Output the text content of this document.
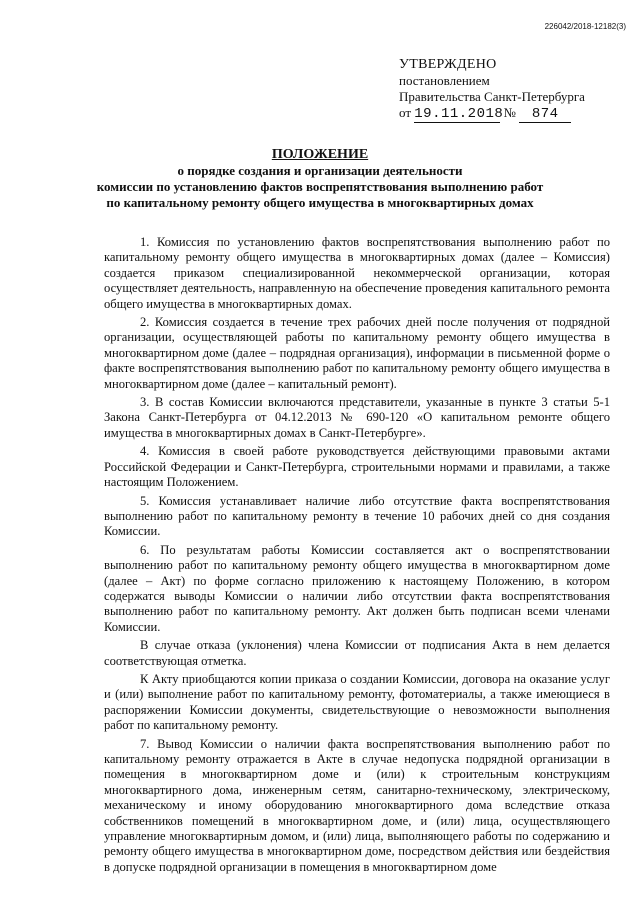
226042/2018-12182(3)
УТВЕРЖДЕНО
постановлением
Правительства Санкт-Петербурга
от 19.11.2018 № 874
ПОЛОЖЕНИЕ
о порядке создания и организации деятельности
комиссии по установлению фактов воспрепятствования выполнению работ
по капитальному ремонту общего имущества в многоквартирных домах

1. Комиссия по установлению фактов воспрепятствования выполнению работ по капитальному ремонту общего имущества в многоквартирных домах (далее – Комиссия) создается приказом специализированной некоммерческой организации, которая осуществляет деятельность, направленную на обеспечение проведения капитального ремонта общего имущества в многоквартирных домах.

2. Комиссия создается в течение трех рабочих дней после получения от подрядной организации, осуществляющей работы по капитальному ремонту общего имущества в многоквартирном доме (далее – подрядная организация), информации в письменной форме о факте воспрепятствования выполнению работ по капитальному ремонту общего имущества в многоквартирном доме (далее – капитальный ремонт).

3. В состав Комиссии включаются представители, указанные в пункте 3 статьи 5-1 Закона Санкт-Петербурга от 04.12.2013 № 690-120 «О капитальном ремонте общего имущества в многоквартирных домах в Санкт-Петербурге».

4. Комиссия в своей работе руководствуется действующими правовыми актами Российской Федерации и Санкт-Петербурга, строительными нормами и правилами, а также настоящим Положением.

5. Комиссия устанавливает наличие либо отсутствие факта воспрепятствования выполнению работ по капитальному ремонту в течение 10 рабочих дней со дня создания Комиссии.

6. По результатам работы Комиссии составляется акт о воспрепятствовании выполнению работ по капитальному ремонту общего имущества в многоквартирном доме (далее – Акт) по форме согласно приложению к настоящему Положению, в котором содержатся выводы Комиссии о наличии либо отсутствии факта воспрепятствования выполнению работ по капитальному ремонту. Акт должен быть подписан всеми членами Комиссии.

В случае отказа (уклонения) члена Комиссии от подписания Акта в нем делается соответствующая отметка.

К Акту приобщаются копии приказа о создании Комиссии, договора на оказание услуг и (или) выполнение работ по капитальному ремонту, фотоматериалы, а также имеющиеся в распоряжении Комиссии документы, свидетельствующие о невозможности выполнения работ по капитальному ремонту.

7. Вывод Комиссии о наличии факта воспрепятствования выполнению работ по капитальному ремонту отражается в Акте в случае недопуска подрядной организации в помещения в многоквартирном доме и (или) к строительным конструкциям многоквартирного дома, инженерным сетям, санитарно-техническому, электрическому, механическому и иному оборудованию многоквартирного дома вследствие отказа собственников помещений в многоквартирном доме, и (или) лица, осуществляющего управление многоквартирным домом, и (или) лица, выполняющего работы по содержанию и ремонту общего имущества в многоквартирном доме, посредством действия или бездействия в допуске подрядной организации в помещения в многоквартирном доме
